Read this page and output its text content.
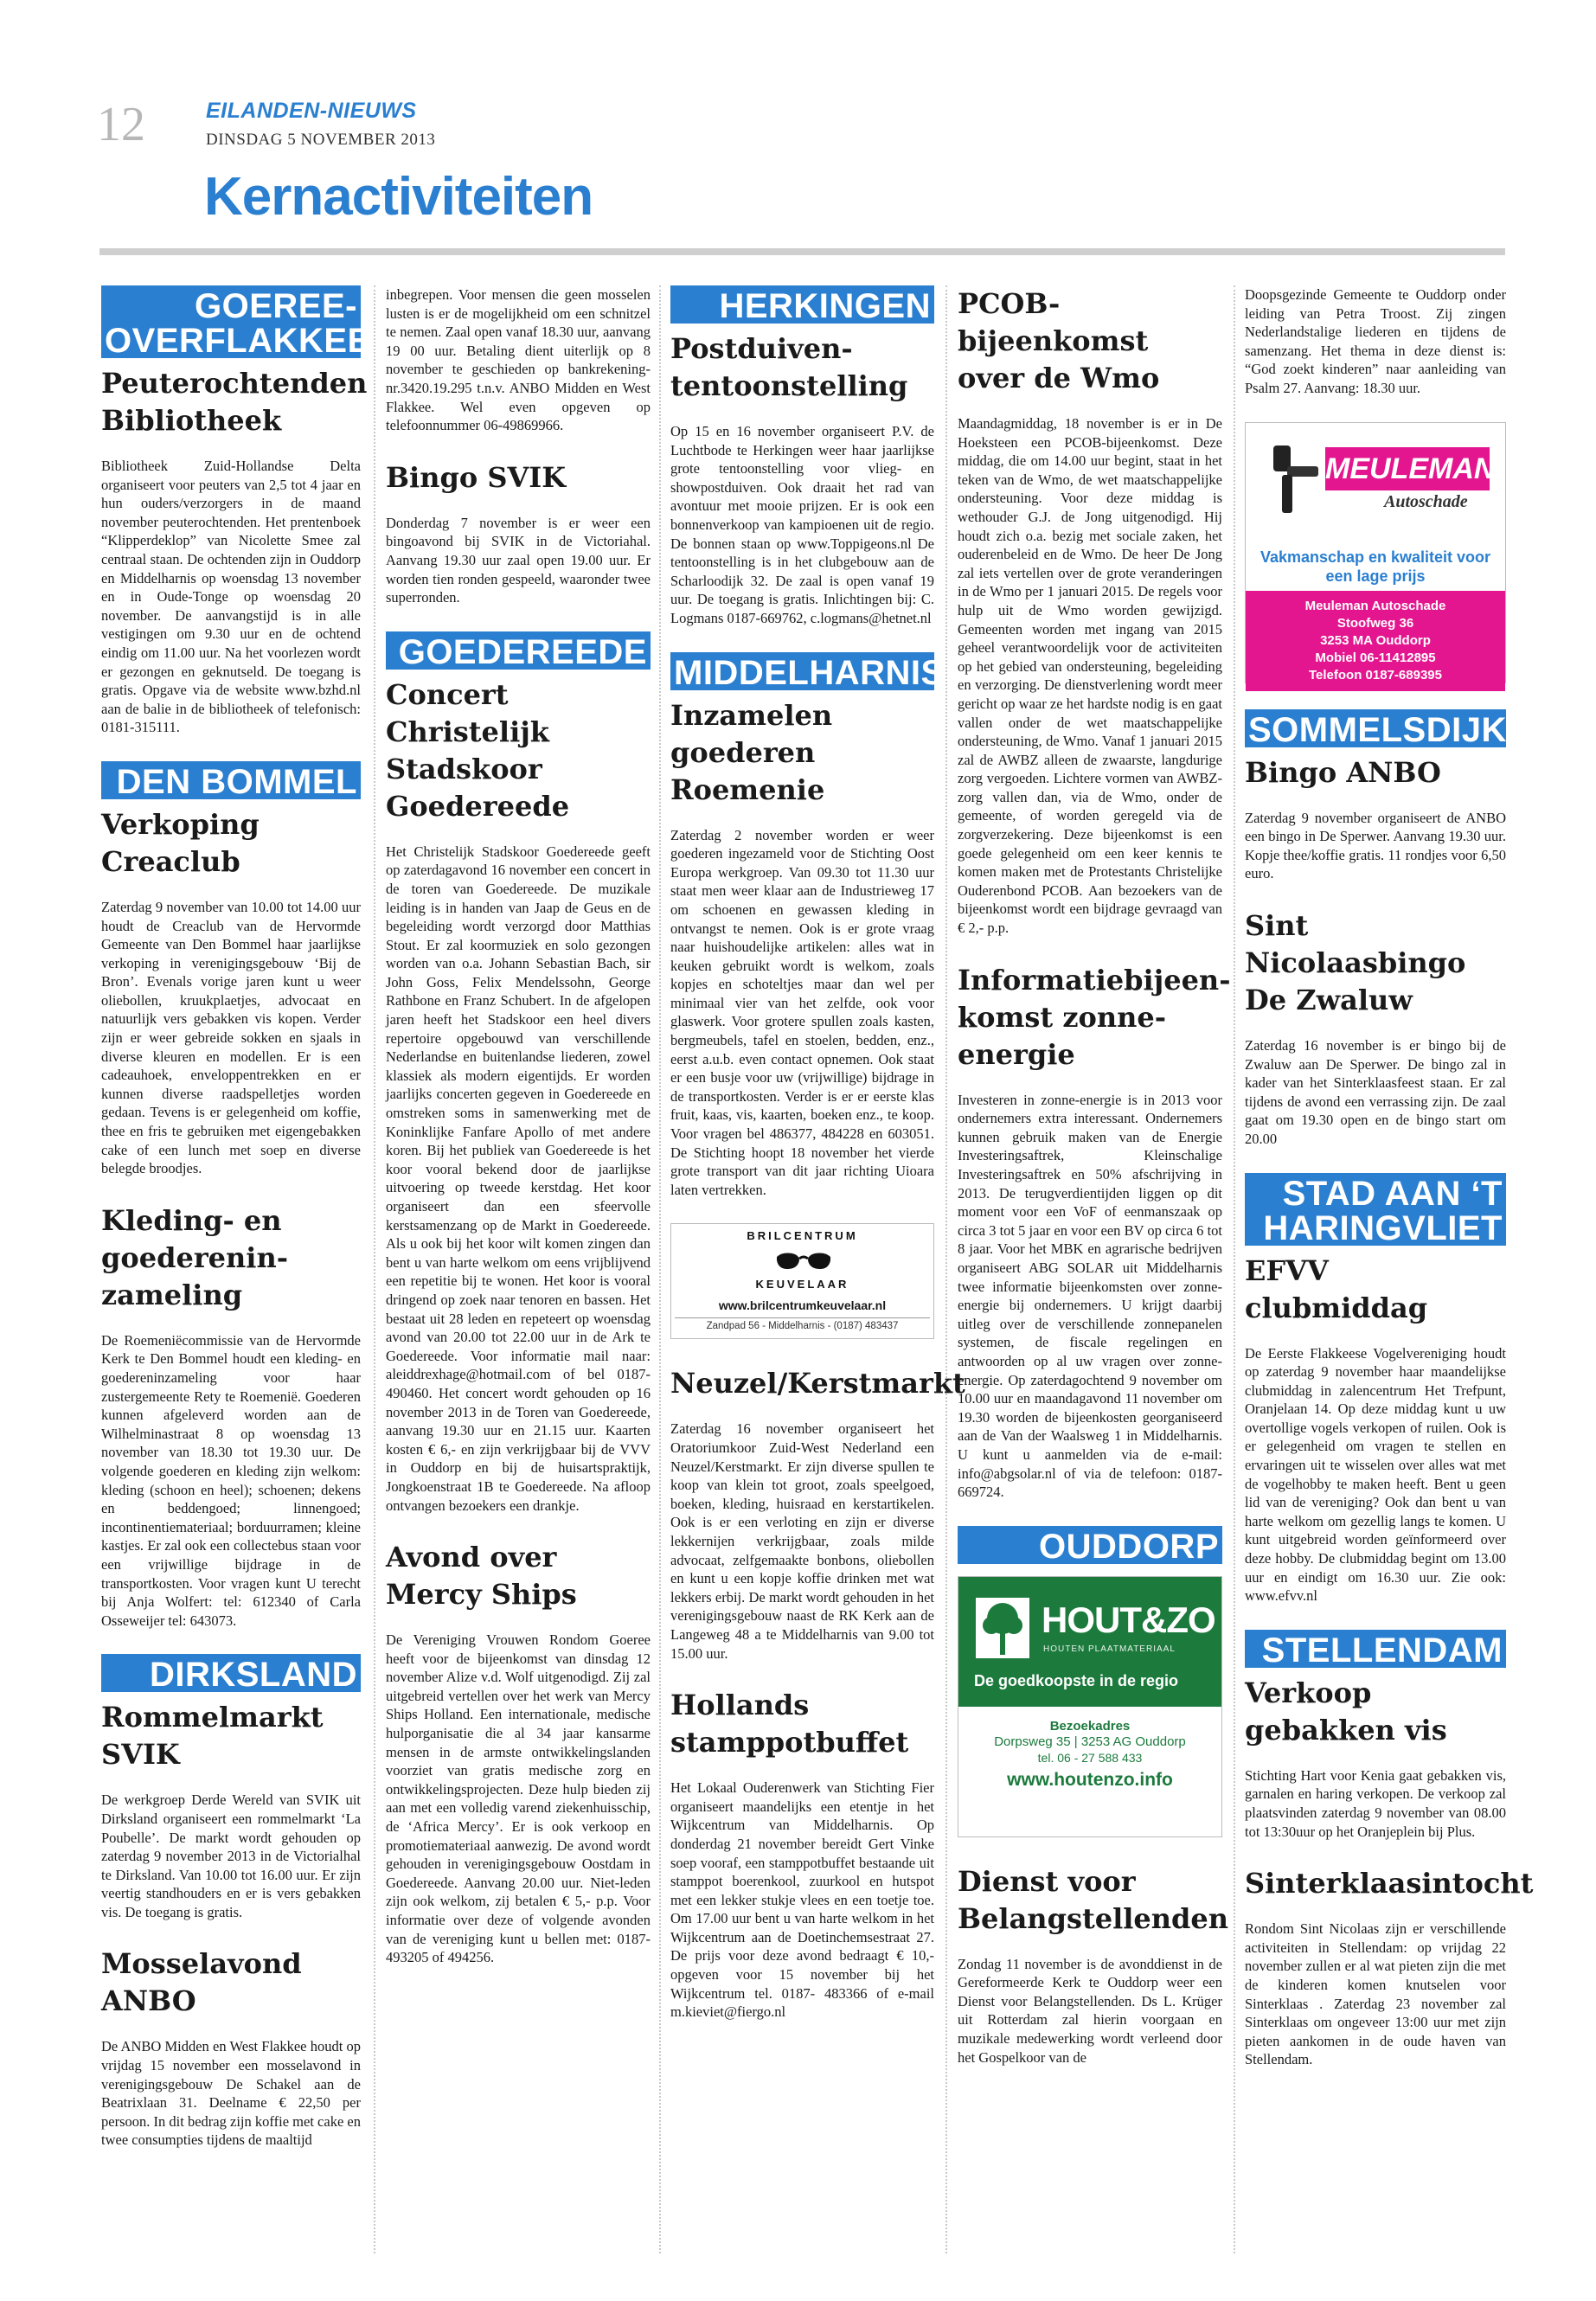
12	EILANDEN-NIEUWS
DINSDAG 5 NOVEMBER 2013
Kernactiviteiten
GOEREE-
OVERFLAKKEE
Peuterochtenden Bibliotheek

Bibliotheek Zuid-Hollandse Delta organiseert voor peuters van 2,5 tot 4 jaar en hun ouders/verzorgers in de maand november peuterochtenden. Het prentenboek “Klipperdeklop” van Nicolette Smee zal centraal staan. De ochtenden zijn in Ouddorp en Middelharnis op woensdag 13 november en in Oude-Tonge op woensdag 20 november. De aanvangstijd is in alle vestigingen om 9.30 uur en de ochtend eindig om 11.00 uur. Na het voorlezen wordt er gezongen en geknutseld. De toegang is gratis. Opgave via de website www.bzhd.nl aan de balie in de bibliotheek of telefonisch: 0181-315111.

DEN BOMMEL
Verkoping Creaclub

Zaterdag 9 november van 10.00 tot 14.00 uur houdt de Creaclub van de Hervormde Gemeente van Den Bommel haar jaarlijkse verkoping in verenigingsgebouw ‘Bij de Bron’. Evenals vorige jaren kunt u weer oliebollen, kruukplaetjes, advocaat en natuurlijk vers gebakken vis kopen. Verder zijn er weer gebreide sokken en sjaals in diverse kleuren en modellen. Er is een cadeauhoek, enveloppentrekken en er kunnen diverse raadspelletjes worden gedaan. Tevens is er gelegenheid om koffie, thee en fris te gebruiken met eigengebakken cake of een lunch met soep en diverse belegde broodjes.

Kleding- en goedereninzameling

De Roemeniëcommissie van de Hervormde Kerk te Den Bommel houdt een kleding- en goedereninzameling voor haar zustergemeente Rety te Roemenië. Goederen kunnen afgeleverd worden aan de Wilhelminastraat 8 op woensdag 13 november van 18.30 tot 19.30 uur. De volgende goederen en kleding zijn welkom: kleding (schoon en heel); schoenen; dekens en beddengoed; linnengoed; incontinentiemateriaal; borduurramen; kleine kastjes. Er zal ook een collectebus staan voor een vrijwillige bijdrage in de transportkosten. Voor vragen kunt U terecht bij Anja Wolfert: tel: 612340 of Carla Osseweijer tel: 643073.

DIRKSLAND
Rommelmarkt SVIK

De werkgroep Derde Wereld van SVIK uit Dirksland organiseert een rommelmarkt ‘La Poubelle’. De markt wordt gehouden op zaterdag 9 november 2013 in de Victorialhal te Dirksland. Van 10.00 tot 16.00 uur. Er zijn veertig standhouders en er is vers gebakken vis. De toegang is gratis.

Mosselavond ANBO

De ANBO Midden en West Flakkee houdt op vrijdag 15 november een mosselavond in verenigingsgebouw De Schakel aan de Beatrixlaan 31. Deelname € 22,50 per persoon. In dit bedrag zijn koffie met cake en twee consumpties tijdens de maaltijd

inbegrepen. Voor mensen die geen mosselen lusten is er de mogelijkheid om een schnitzel te nemen. Zaal open vanaf 18.30 uur, aanvang 19 00 uur. Betaling dient uiterlijk op 8 november te geschieden op bankrekening-nr.3420.19.295 t.n.v. ANBO Midden en West Flakkee. Wel even opgeven op telefoonnummer 06-49869966.

Bingo SVIK

Donderdag 7 november is er weer een bingoavond bij SVIK in de Victoriahal. Aanvang 19.30 uur zaal open 19.00 uur. Er worden tien ronden gespeeld, waaronder twee superronden.

GOEDEREEDE
Concert Christelijk Stadskoor Goedereede

Het Christelijk Stadskoor Goedereede geeft op zaterdagavond 16 november een concert in de toren van Goedereede. De muzikale leiding is in handen van Jaap de Geus en de begeleiding wordt verzorgd door Matthias Stout. Er zal koormuziek en solo gezongen worden van o.a. Johann Sebastian Bach, sir John Goss, Felix Mendelssohn, George Rathbone en Franz Schubert. In de afgelopen jaren heeft het Stadskoor een heel divers repertoire opgebouwd van verschillende Nederlandse en buitenlandse liederen, zowel klassiek als modern eigentijds. Er worden jaarlijks concerten gegeven in Goedereede en omstreken soms in samenwerking met de Koninklijke Fanfare Apollo of met andere koren. Bij het publiek van Goedereede is het koor vooral bekend door de jaarlijkse uitvoering op tweede kerstdag. Het koor organiseert dan een sfeervolle kerstsamenzang op de Markt in Goedereede. Als u ook bij het koor wilt komen zingen dan bent u van harte welkom om eens vrijblijvend een repetitie bij te wonen. Het koor is vooral dringend op zoek naar tenoren en bassen. Het bestaat uit 28 leden en repeteert op woensdag avond van 20.00 tot 22.00 uur in de Ark te Goedereede. Voor informatie mail naar: aleiddrexhage@hotmail.com of bel 0187-490460. Het concert wordt gehouden op 16 november 2013 in de Toren van Goedereede, aanvang 19.30 uur en 21.15 uur. Kaarten kosten € 6,- en zijn verkrijgbaar bij de VVV in Ouddorp en bij de huisartspraktijk, Jongkoenstraat 1B te Goedereede. Na afloop ontvangen bezoekers een drankje.

Avond over Mercy Ships

De Vereniging Vrouwen Rondom Goeree heeft voor de bijeenkomst van dinsdag 12 november Alize v.d. Wolf uitgenodigd. Zij zal uitgebreid vertellen over het werk van Mercy Ships Holland. Een internationale, medische hulporganisatie die al 34 jaar kansarme mensen in de armste ontwikkelingslanden voorziet van gratis medische zorg en ontwikkelingsprojecten. Deze hulp bieden zij aan met een volledig varend ziekenhuisschip, de ‘Africa Mercy’. Er is ook verkoop en promotiemateriaal aanwezig. De avond wordt gehouden in verenigingsgebouw Oostdam in Goedereede. Aanvang 20.00 uur. Niet-leden zijn ook welkom, zij betalen € 5,- p.p. Voor informatie over deze of volgende avonden van de vereniging kunt u bellen met: 0187-493205 of 494256.

HERKINGEN
Postduivententoonstelling

Op 15 en 16 november organiseert P.V. de Luchtbode te Herkingen weer haar jaarlijkse grote tentoonstelling voor vlieg- en showpostduiven. Ook draait het rad van avontuur met mooie prijzen. Er is ook een bonnenverkoop van kampioenen uit de regio. De bonnen staan op www.Toppigeons.nl De tentoonstelling is in het clubgebouw aan de Scharloodijk 32. De zaal is open vanaf 19 uur. De toegang is gratis. Inlichtingen bij: C. Logmans 0187-669762, c.logmans@hetnet.nl

MIDDELHARNIS
Inzamelen goederen Roemenie

Zaterdag 2 november worden er weer goederen ingezameld voor de Stichting Oost Europa werkgroep. Van 09.30 tot 11.30 uur staat men weer klaar aan de Industrieweg 17 om schoenen en gewassen kleding in ontvangst te nemen. Ook is er grote vraag naar huishoudelijke artikelen: alles wat in keuken gebruikt wordt is welkom, zoals kopjes en schoteltjes maar dan wel per minimaal vier van het zelfde, ook voor glaswerk. Voor grotere spullen zoals kasten, bergmeubels, tafel en stoelen, bedden, enz., eerst a.u.b. even contact opnemen. Ook staat er een busje voor uw (vrijwillige) bijdrage in de transportkosten. Verder is er er eerste klas fruit, kaas, vis, kaarten, boeken enz., te koop. Voor vragen bel 486377, 484228 en 603051. De Stichting hoopt 18 november het vierde grote transport van dit jaar richting Uioara laten vertrekken.

BRILCENTRUM
KEUVELAAR
www.brilcentrumkeuvelaar.nl
Zandpad 56 - Middelharnis - (0187) 483437
Neuzel/Kerstmarkt

Zaterdag 16 november organiseert het Oratoriumkoor Zuid-West Nederland een Neuzel/Kerstmarkt. Er zijn diverse spullen te koop van klein tot groot, zoals speelgoed, boeken, kleding, huisraad en kerstartikelen. Ook is er een verloting en zijn er diverse lekkernijen verkrijgbaar, zoals milde advocaat, zelfgemaakte bonbons, oliebollen en kunt u een kopje koffie drinken met wat lekkers erbij. De markt wordt gehouden in het verenigingsgebouw naast de RK Kerk aan de Langeweg 48 a te Middelharnis van 9.00 tot 15.00 uur.

Hollands stamppotbuffet

Het Lokaal Ouderenwerk van Stichting Fier organiseert maandelijks een etentje in het Wijkcentrum van Middelharnis. Op donderdag 21 november bereidt Gert Vinke soep vooraf, een stamppotbuffet bestaande uit stamppot boerenkool, zuurkool en hutspot met een lekker stukje vlees en een toetje toe. Om 17.00 uur bent u van harte welkom in het Wijkcentrum aan de Doetinchemsestraat 27. De prijs voor deze avond bedraagt € 10,- opgeven voor 15 november bij het Wijkcentrum tel. 0187- 483366 of e-mail m.kieviet@fiergo.nl

PCOB-bijeenkomst over de Wmo

Maandagmiddag, 18 november is er in De Hoeksteen een PCOB-bijeenkomst. Deze middag, die om 14.00 uur begint, staat in het teken van de Wmo, de wet maatschappelijke ondersteuning. Voor deze middag is wethouder G.J. de Jong uitgenodigd. Hij houdt zich o.a. bezig met sociale zaken, het ouderenbeleid en de Wmo. De heer De Jong zal iets vertellen over de grote veranderingen in de Wmo per 1 januari 2015. De regels voor hulp uit de Wmo worden gewijzigd. Gemeenten worden met ingang van 2015 geheel verantwoordelijk voor de activiteiten op het gebied van ondersteuning, begeleiding en verzorging. De dienstverlening wordt meer gericht op waar ze het hardste nodig is en gaat vallen onder de wet maatschappelijke ondersteuning, de Wmo. Vanaf 1 januari 2015 zal de AWBZ alleen de zwaarste, langdurige zorg vergoeden. Lichtere vormen van AWBZ-zorg vallen dan, via de Wmo, onder de gemeente, of worden geregeld via de zorgverzekering. Deze bijeenkomst is een goede gelegenheid om een keer kennis te komen maken met de Protestants Christelijke Ouderenbond PCOB. Aan bezoekers van de bijeenkomst wordt een bijdrage gevraagd van € 2,- p.p.

Informatiebijeenkomst zonne-energie

Investeren in zonne-energie is in 2013 voor ondernemers extra interessant. Ondernemers kunnen gebruik maken van de Energie Investeringsaftrek, Kleinschalige Investeringsaftrek en 50% afschrijving in 2013. De terugverdientijden liggen op dit moment voor een VoF of eenmanszaak op circa 3 tot 5 jaar en voor een BV op circa 6 tot 8 jaar. Voor het MBK en agrarische bedrijven organiseert ABG SOLAR uit Middelharnis twee informatie bijeenkomsten over zonne-energie bij ondernemers. U krijgt daarbij uitleg over de verschillende zonnepanelen systemen, de fiscale regelingen en antwoorden op al uw vragen over zonne-energie. Op zaterdagochtend 9 november om 10.00 uur en maandagavond 11 november om 19.30 worden de bijeenkosten georganiseerd aan de Van der Waalsweg 1 in Middelharnis. U kunt u aanmelden via de e-mail: info@abgsolar.nl of via de telefoon: 0187-669724.

OUDDORP
HOUT&ZO
HOUTEN PLAATMATERIAAL
De goedkoopste in de regio
Bezoekadres
Dorpsweg 35 | 3253 AG Ouddorp
tel. 06 - 27 588 433
www.houtenzo.info
Dienst voor Belangstellenden

Zondag 11 november is de avonddienst in de Gereformeerde Kerk te Ouddorp weer een Dienst voor Belangstellenden. Ds L. Krüger uit Rotterdam zal hierin voorgaan en muzikale medewerking wordt verleend door het Gospelkoor van de

Doopsgezinde Gemeente te Ouddorp onder leiding van Petra Troost. Zij zingen Nederlandstalige liederen en tijdens de samenzang. Het thema in deze dienst is: “God zoekt kinderen” naar aanleiding van Psalm 27. Aanvang: 18.30 uur.

MEULEMAN
Autoschade
Vakmanschap en kwaliteit voor een lage prijs
Meuleman Autoschade
Stoofweg 36
3253 MA Ouddorp
Mobiel 06-11412895
Telefoon 0187-689395
SOMMELSDIJK
Bingo ANBO

Zaterdag 9 november organiseert de ANBO een bingo in De Sperwer. Aanvang 19.30 uur. Kopje thee/koffie gratis. 11 rondjes voor 6,50 euro.

Sint Nicolaasbingo De Zwaluw

Zaterdag 16 november is er bingo bij de Zwaluw aan De Sperwer. De bingo zal in kader van het Sinterklaasfeest staan. Er zal tijdens de avond een verrassing zijn. De zaal gaat om 19.30 open en de bingo start om 20.00

STAD AAN ‘T
HARINGVLIET
EFVV clubmiddag

De Eerste Flakkeese Vogelvereniging houdt op zaterdag 9 november haar maandelijkse clubmiddag in zalencentrum Het Trefpunt, Oranjelaan 14. Op deze middag kunt u uw overtollige vogels verkopen of ruilen. Ook is er gelegenheid om vragen te stellen en ervaringen uit te wisselen over alles wat met de vogelhobby te maken heeft. Bent u geen lid van de vereniging? Ook dan bent u van harte welkom om gezellig langs te komen. U kunt uitgebreid worden geïnformeerd over deze hobby. De clubmiddag begint om 13.00 uur en eindigt om 16.30 uur. Zie ook: www.efvv.nl

STELLENDAM
Verkoop gebakken vis

Stichting Hart voor Kenia gaat gebakken vis, garnalen en haring verkopen. De verkoop zal plaatsvinden zaterdag 9 november van 08.00 tot 13:30uur op het Oranjeplein bij Plus.

Sinterklaasintocht

Rondom Sint Nicolaas zijn er verschillende activiteiten in Stellendam: op vrijdag 22 november zullen er al wat pieten zijn die met de kinderen komen knutselen voor Sinterklaas . Zaterdag 23 november zal Sinterklaas om ongeveer 13:00 uur met zijn pieten aankomen in de oude haven van Stellendam.
